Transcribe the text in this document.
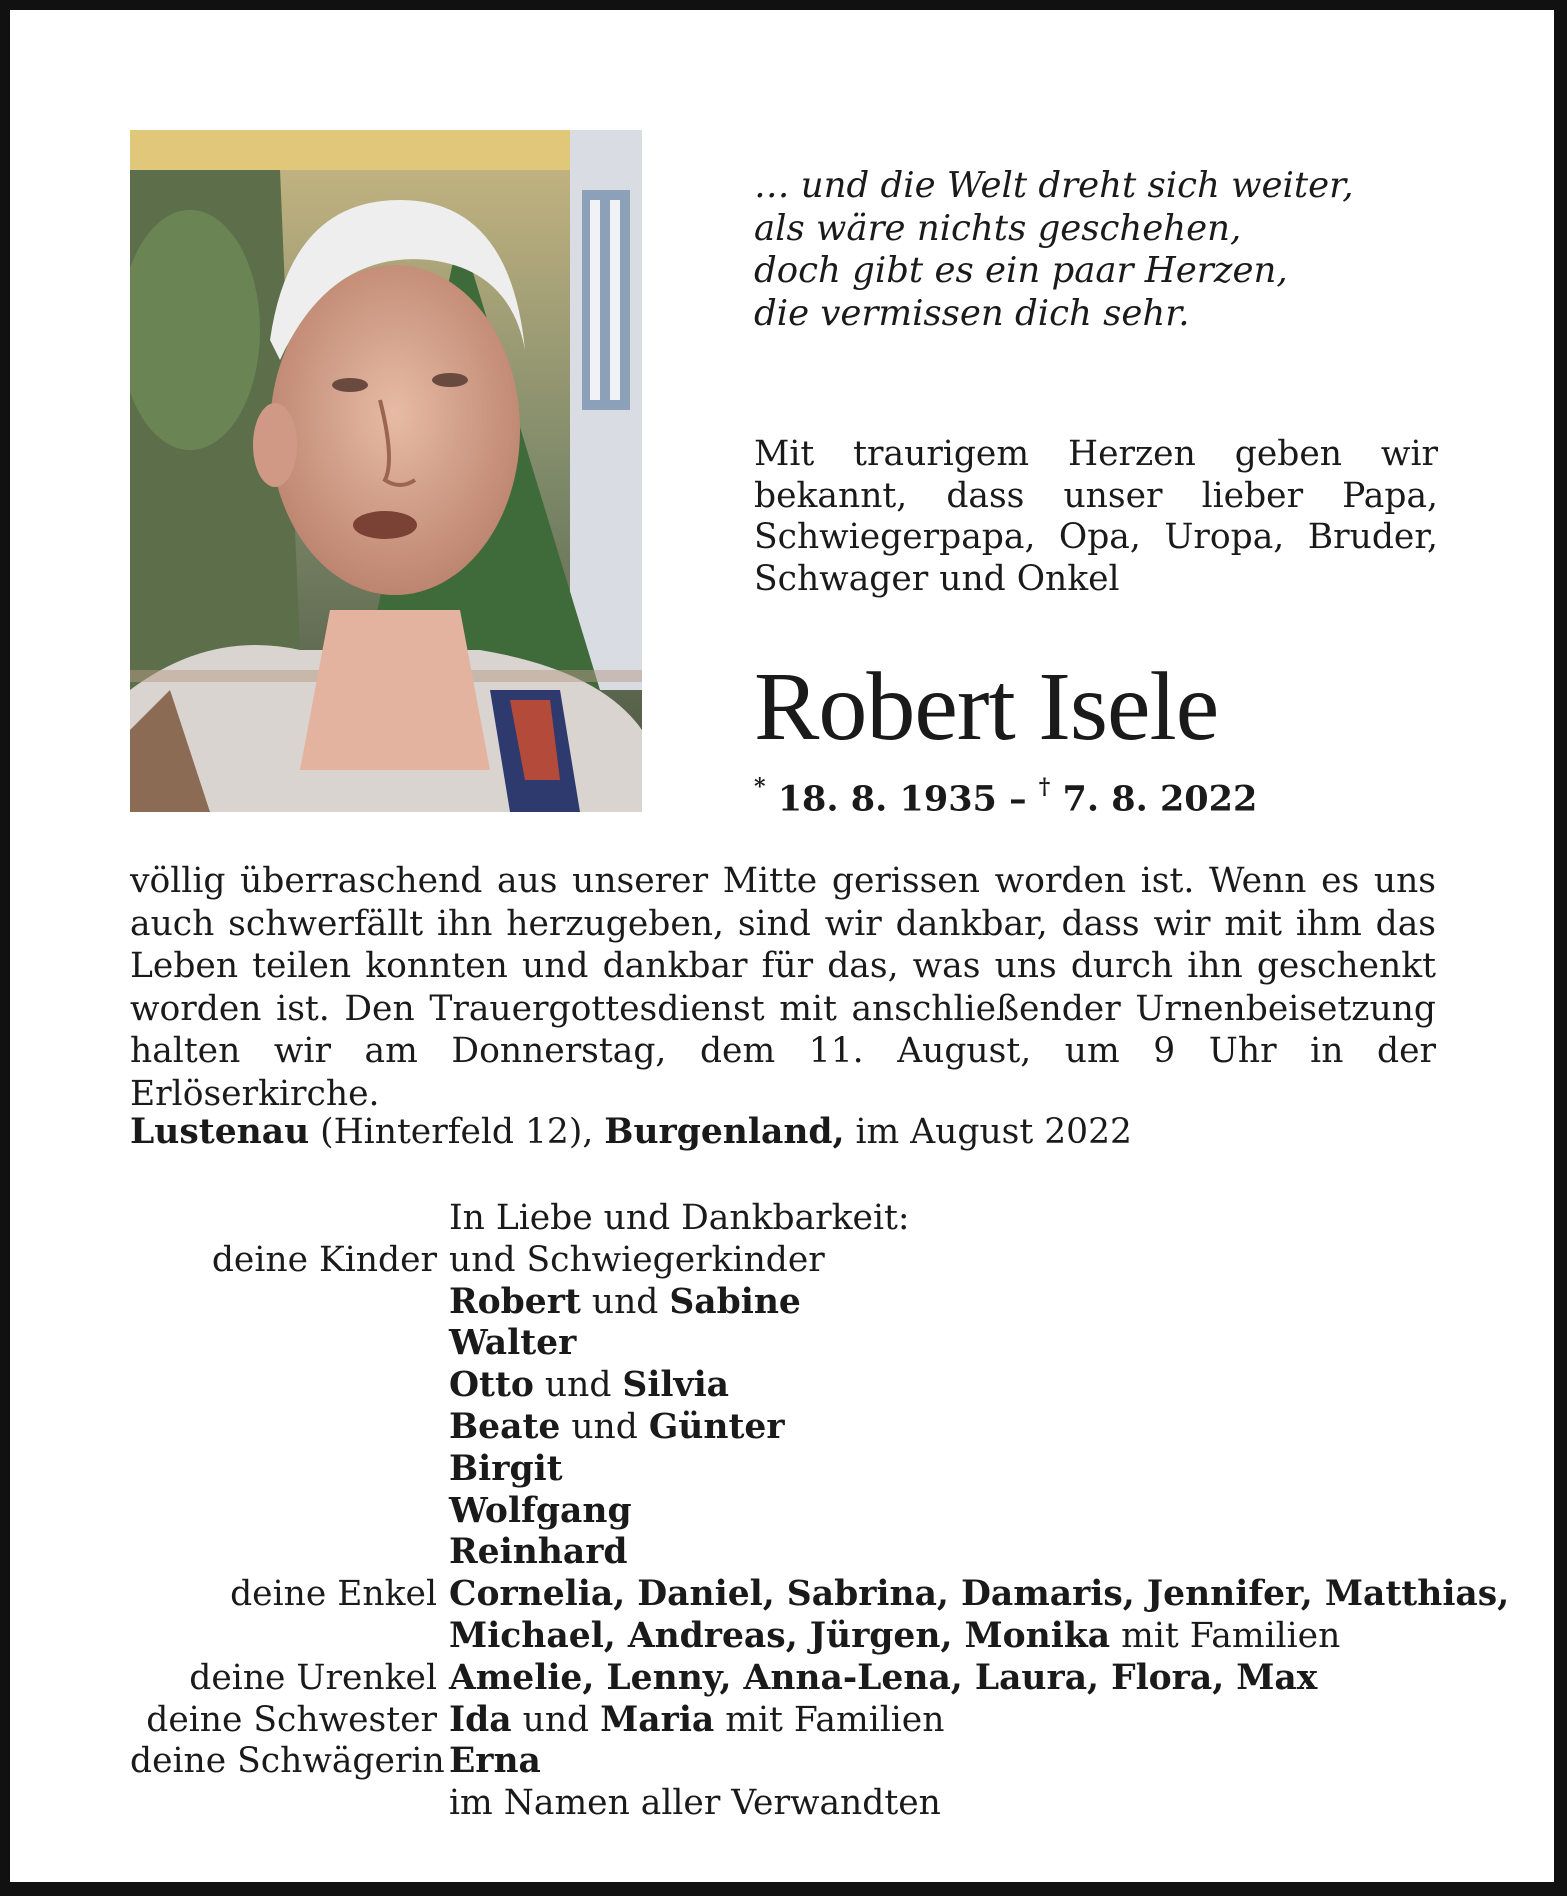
… und die Welt dreht sich weiter,
als wäre nichts geschehen,
doch gibt es ein paar Herzen,
die vermissen dich sehr.
Mit traurigem Herzen geben wir bekannt, dass unser lieber Papa, Schwiegerpapa, Opa, Uropa, Bruder, Schwager und Onkel
Robert Isele
* 18. 8. 1935 – † 7. 8. 2022
völlig überraschend aus unserer Mitte gerissen worden ist. Wenn es uns auch schwerfällt ihn herzugeben, sind wir dankbar, dass wir mit ihm das Leben teilen konnten und dankbar für das, was uns durch ihn geschenkt worden ist. Den Trauergottesdienst mit anschließender Urnenbeisetzung halten wir am Donnerstag, dem 11. August, um 9 Uhr in der Erlöserkirche.
Lustenau (Hinterfeld 12), Burgenland, im August 2022
In Liebe und Dankbarkeit:
deine Kinder und Schwiegerkinder
Robert und Sabine
Walter
Otto und Silvia
Beate und Günter
Birgit
Wolfgang
Reinhard
deine Enkel Cornelia, Daniel, Sabrina, Damaris, Jennifer, Matthias,
Michael, Andreas, Jürgen, Monika mit Familien
deine Urenkel Amelie, Lenny, Anna-Lena, Laura, Flora, Max
deine Schwester Ida und Maria mit Familien
deine Schwägerin Erna
im Namen aller Verwandten
